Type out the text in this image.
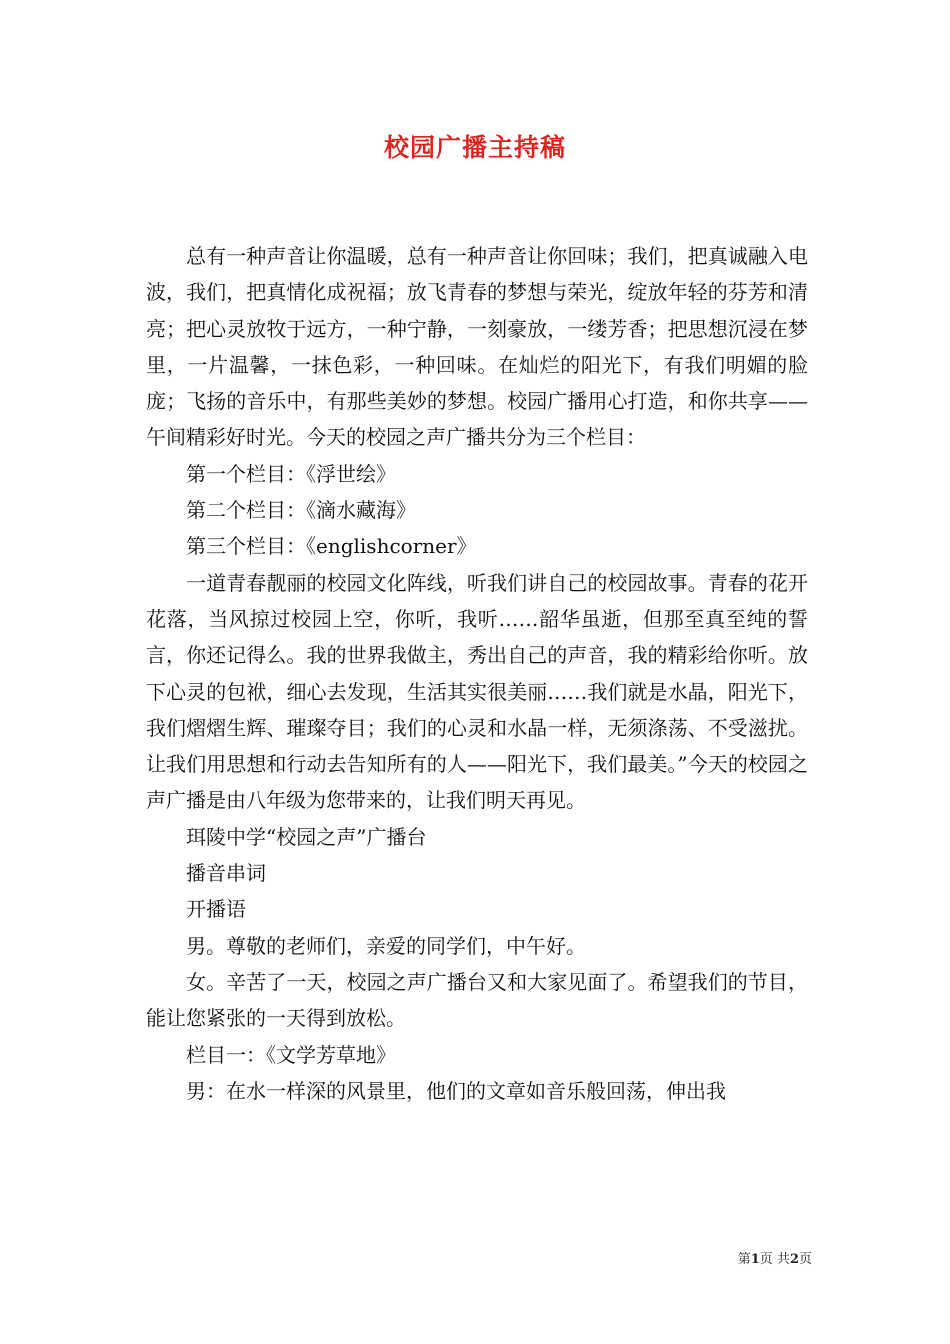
校园广播主持稿

总有一种声音让你温暖，总有一种声音让你回味；我们，把真诚融入电波，我们，把真情化成祝福；放飞青春的梦想与荣光，绽放年轻的芬芳和清亮；把心灵放牧于远方，一种宁静，一刻豪放，一缕芳香；把思想沉浸在梦里，一片温馨，一抹色彩，一种回味。在灿烂的阳光下，有我们明媚的脸庞；飞扬的音乐中，有那些美妙的梦想。校园广播用心打造，和你共享——午间精彩好时光。今天的校园之声广播共分为三个栏目：

第一个栏目：《浮世绘》

第二个栏目：《滴水藏海》

第三个栏目：《englishcorner》

一道青春靓丽的校园文化阵线，听我们讲自己的校园故事。青春的花开花落，当风掠过校园上空，你听，我听……韶华虽逝，但那至真至纯的誓言，你还记得么。我的世界我做主，秀出自己的声音，我的精彩给你听。放下心灵的包袱，细心去发现，生活其实很美丽……我们就是水晶，阳光下，我们熠熠生辉、璀璨夺目；我们的心灵和水晶一样，无须涤荡、不受滋扰。让我们用思想和行动去告知所有的人——阳光下，我们最美。”今天的校园之声广播是由八年级为您带来的，让我们明天再见。

珥陵中学“校园之声”广播台

播音串词

开播语

男。尊敬的老师们，亲爱的同学们，中午好。

女。辛苦了一天，校园之声广播台又和大家见面了。希望我们的节目，能让您紧张的一天得到放松。

栏目一：《文学芳草地》

男：在水一样深的风景里，他们的文章如音乐般回荡，伸出我

第1页 共2页
